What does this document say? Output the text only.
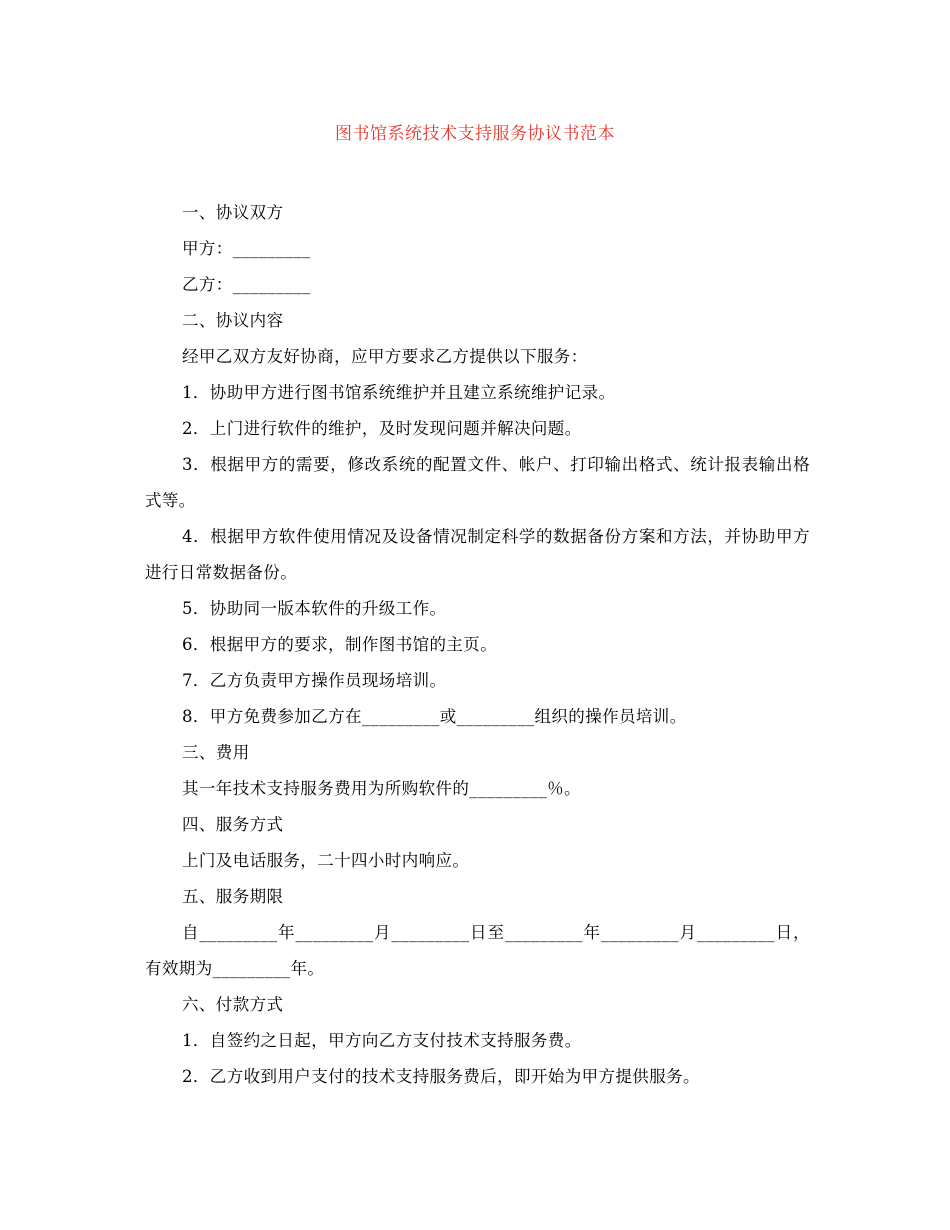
图书馆系统技术支持服务协议书范本

一、协议双方

甲方：_________

乙方：_________

二、协议内容

经甲乙双方友好协商，应甲方要求乙方提供以下服务：

1．协助甲方进行图书馆系统维护并且建立系统维护记录。

2．上门进行软件的维护，及时发现问题并解决问题。

3．根据甲方的需要，修改系统的配置文件、帐户、打印输出格式、统计报表输出格式等。

4．根据甲方软件使用情况及设备情况制定科学的数据备份方案和方法，并协助甲方进行日常数据备份。

5．协助同一版本软件的升级工作。

6．根据甲方的要求，制作图书馆的主页。

7．乙方负责甲方操作员现场培训。

8．甲方免费参加乙方在_________或_________组织的操作员培训。

三、费用

其一年技术支持服务费用为所购软件的_________％。

四、服务方式

上门及电话服务，二十四小时内响应。

五、服务期限

自_________年_________月_________日至_________年_________月_________日，有效期为_________年。

六、付款方式

1．自签约之日起，甲方向乙方支付技术支持服务费。

2．乙方收到用户支付的技术支持服务费后，即开始为甲方提供服务。
